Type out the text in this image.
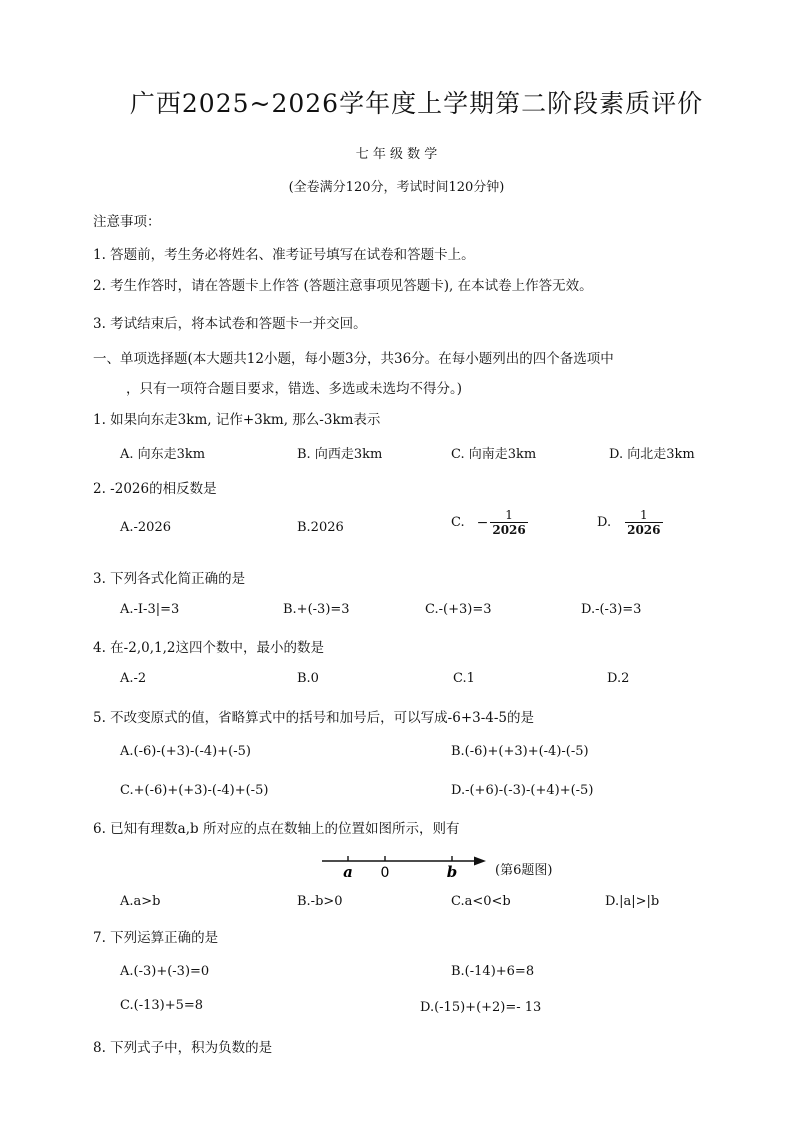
广西2025~2026学年度上学期第二阶段素质评价
七 年 级 数 学
(全卷满分120分，考试时间120分钟)
注意事项：
1. 答题前，考生务必将姓名、准考证号填写在试卷和答题卡上。
2. 考生作答时，请在答题卡上作答 (答题注意事项见答题卡), 在本试卷上作答无效。
3. 考试结束后，将本试卷和答题卡一并交回。
一、单项选择题(本大题共12小题，每小题3分，共36分。在每小题列出的四个备选项中
，只有一项符合题目要求，错选、多选或未选均不得分。)
1. 如果向东走3km, 记作+3km, 那么-3km表示
A. 向东走3km	B. 向西走3km	C. 向南走3km	D. 向北走3km
2. -2026的相反数是
A.-2026	B.2026	C. − $\frac{1}{2026}$	D. $\frac{1}{2026}$
3. 下列各式化简正确的是
A.-I-3|=3	B.+(-3)=3	C.-(+3)=3	D.-(-3)=3
4. 在-2,0,1,2这四个数中，最小的数是
A.-2	B.0	C.1	D.2
5. 不改变原式的值，省略算式中的括号和加号后，可以写成-6+3-4-5的是
A.(-6)-(+3)-(-4)+(-5)	B.(-6)+(+3)+(-4)-(-5)
C.+(-6)+(+3)-(-4)+(-5)	D.-(+6)-(-3)-(+4)+(-5)
6. 已知有理数a,b 所对应的点在数轴上的位置如图所示，则有
a 0	b	(第6题图)
A.a>b	B.-b>0	C.a<0<b	D.|a|>|b
7. 下列运算正确的是
A.(-3)+(-3)=0	B.(-14)+6=8
C.(-13)+5=8	D.(-15)+(+2)=- 13
8. 下列式子中，积为负数的是
